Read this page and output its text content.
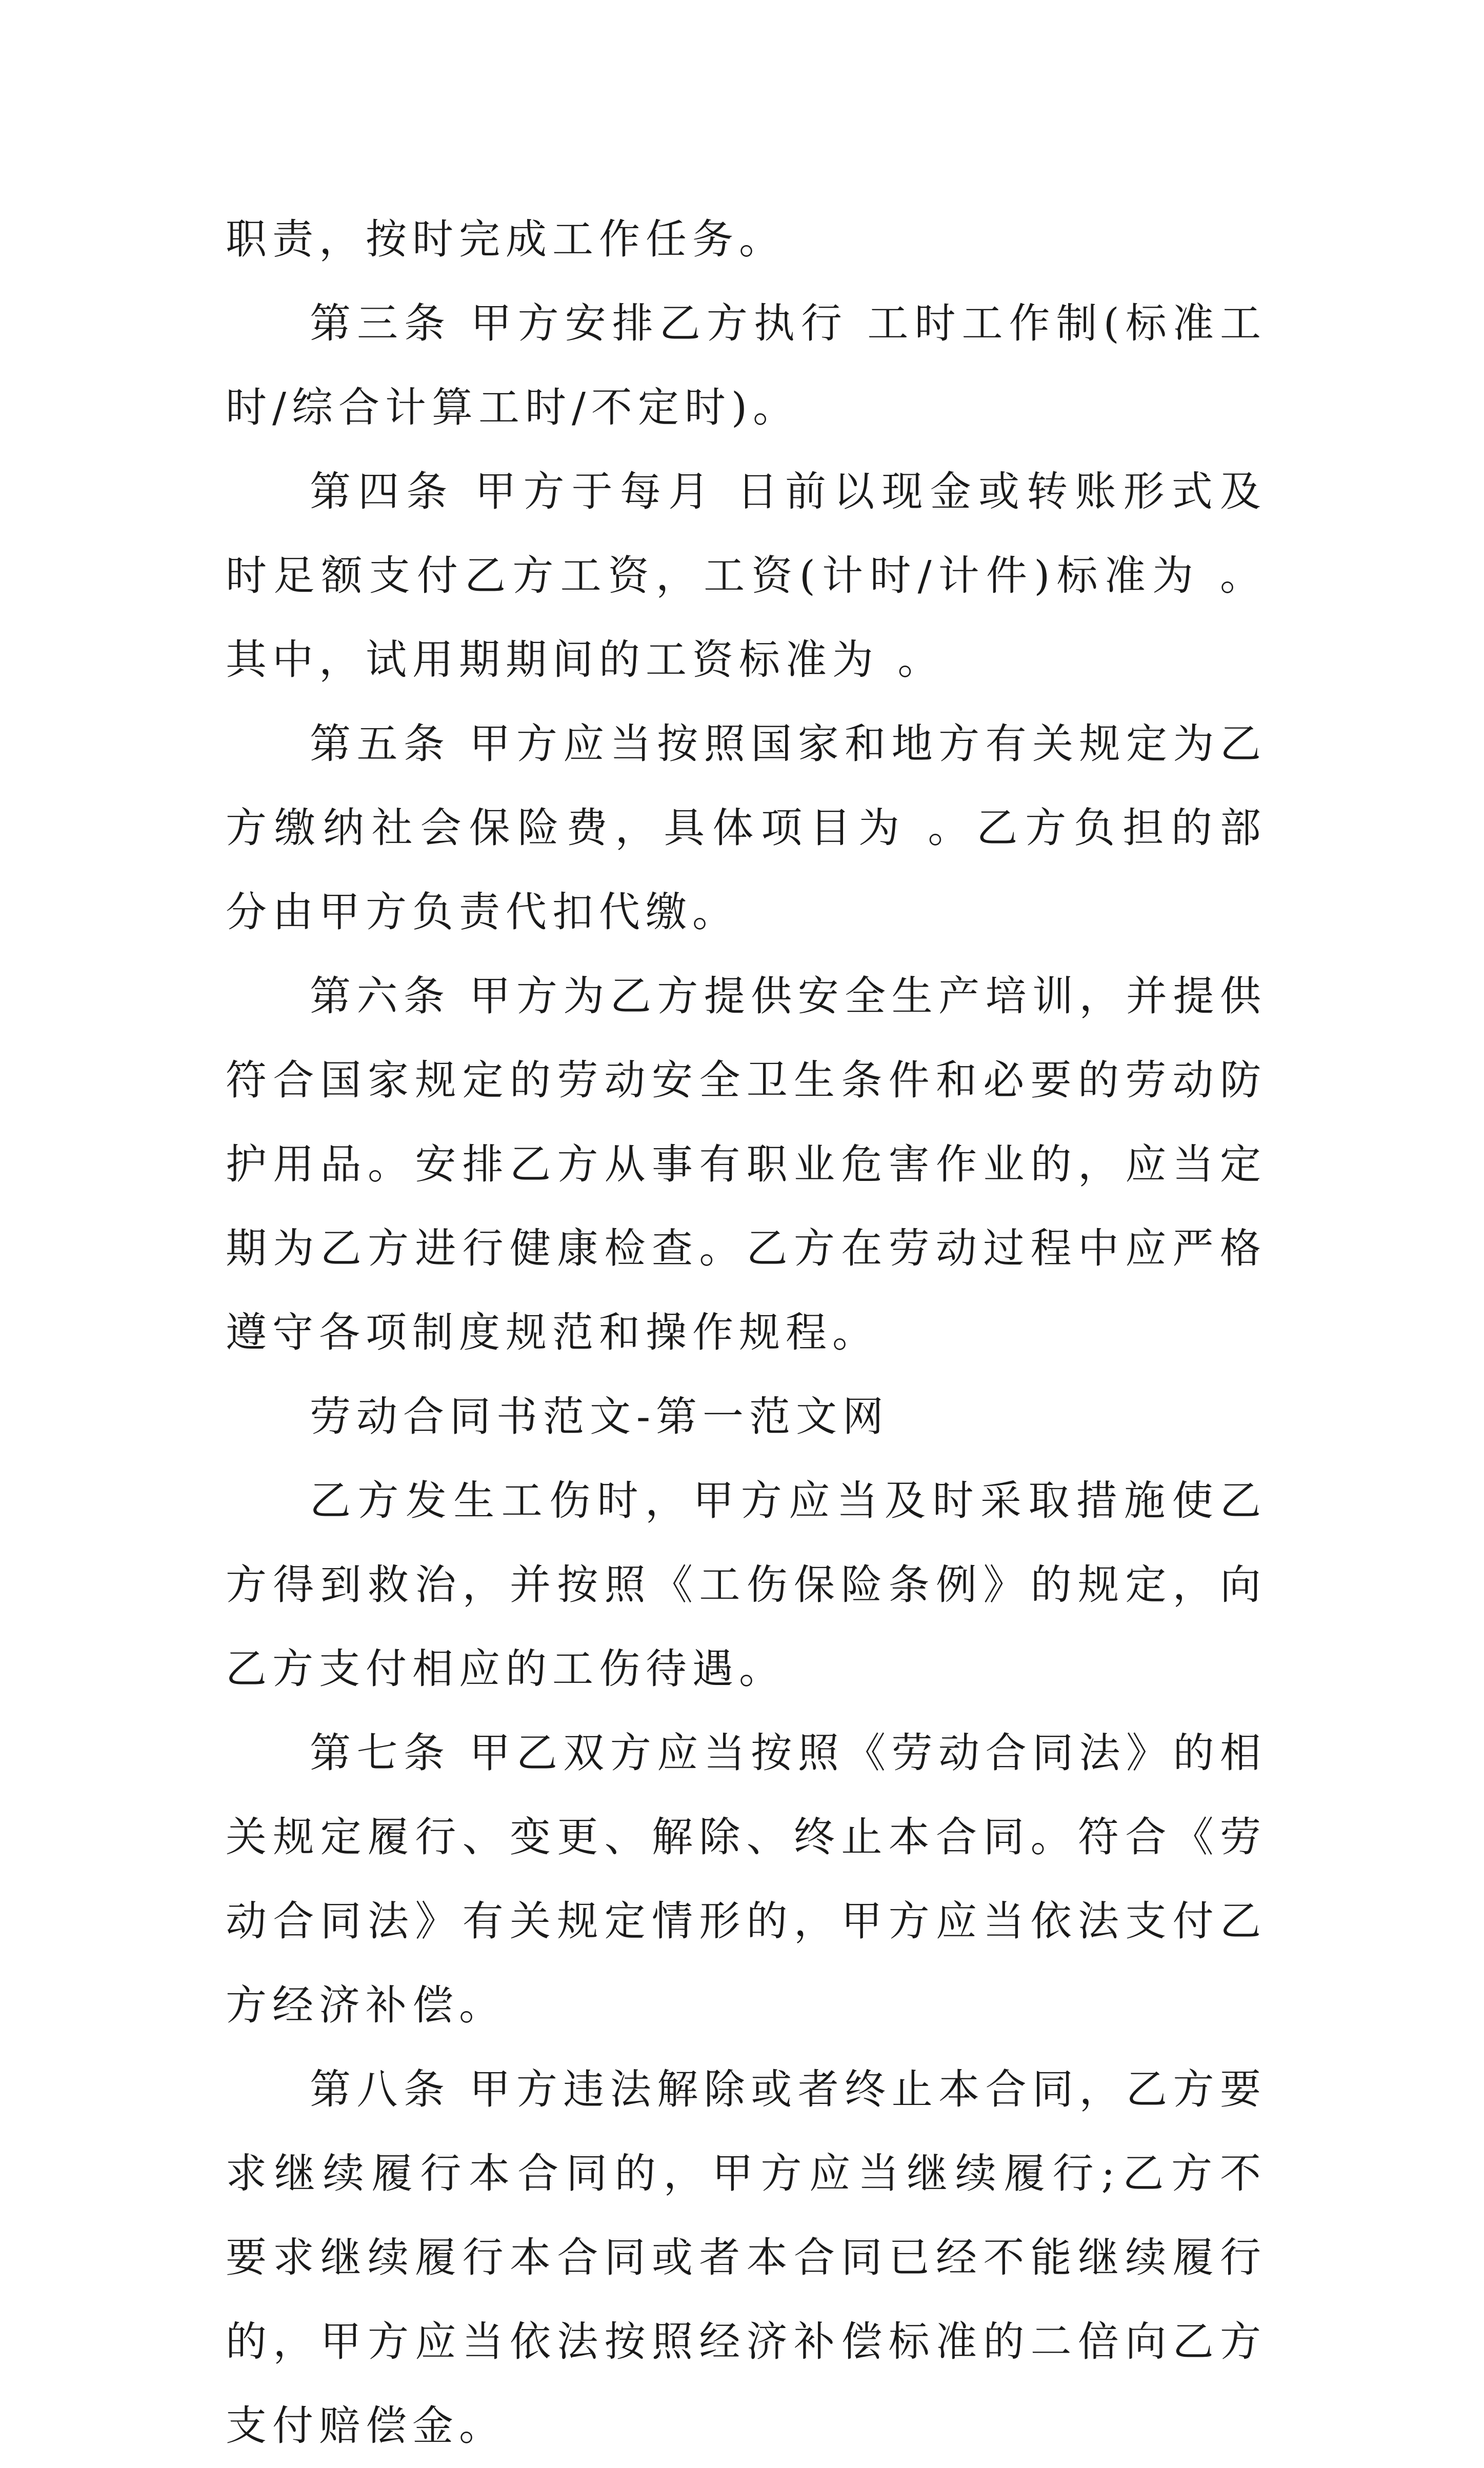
职责，按时完成工作任务。

第三条 甲方安排乙方执行 工时工作制(标准工时/综合计算工时/不定时)。

第四条 甲方于每月 日前以现金或转账形式及时足额支付乙方工资，工资(计时/计件)标准为 。其中，试用期期间的工资标准为 。

第五条 甲方应当按照国家和地方有关规定为乙方缴纳社会保险费，具体项目为 。乙方负担的部分由甲方负责代扣代缴。

第六条 甲方为乙方提供安全生产培训，并提供符合国家规定的劳动安全卫生条件和必要的劳动防护用品。安排乙方从事有职业危害作业的，应当定期为乙方进行健康检查。乙方在劳动过程中应严格遵守各项制度规范和操作规程。

劳动合同书范文-第一范文网

乙方发生工伤时，甲方应当及时采取措施使乙方得到救治，并按照《工伤保险条例》的规定，向乙方支付相应的工伤待遇。

第七条 甲乙双方应当按照《劳动合同法》的相关规定履行、变更、解除、终止本合同。符合《劳动合同法》有关规定情形的，甲方应当依法支付乙方经济补偿。

第八条 甲方违法解除或者终止本合同，乙方要求继续履行本合同的，甲方应当继续履行;乙方不要求继续履行本合同或者本合同已经不能继续履行的，甲方应当依法按照经济补偿标准的二倍向乙方支付赔偿金。
